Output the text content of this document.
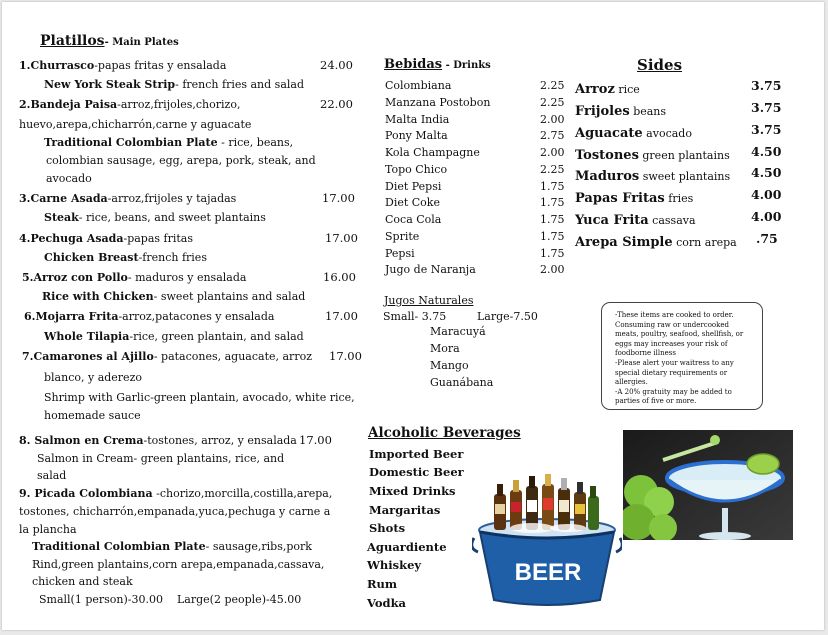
Platillos- Main Plates
1.Churrasco-papas fritas y ensalada	24.00
New York Steak Strip- french fries and salad
2.Bandeja Paisa-arroz,frijoles,chorizo,	22.00
huevo,arepa,chicharrón,carne y aguacate
Traditional Colombian Plate - rice, beans,
colombian sausage, egg, arepa, pork, steak, and
avocado
3.Carne Asada-arroz,frijoles y tajadas	17.00
Steak- rice, beans, and sweet plantains
4.Pechuga Asada-papas fritas	17.00
Chicken Breast-french fries
5.Arroz con Pollo- maduros y ensalada	16.00
Rice with Chicken- sweet plantains and salad
6.Mojarra Frita-arroz,patacones y ensalada	17.00
Whole Tilapia-rice, green plantain, and salad
7.Camarones al Ajillo- patacones, aguacate, arroz 17.00
blanco, y aderezo
Shrimp with Garlic-green plantain, avocado, white rice,
homemade sauce
8. Salmon en Crema-tostones, arroz, y ensalada 17.00
Salmon in Cream- green plantains, rice, and
salad
9. Picada Colombiana -chorizo,morcilla,costilla,arepa,
tostones, chicharrón,empanada,yuca,pechuga y carne a
la plancha
Traditional Colombian Plate- sausage,ribs,pork
Rind,green plantains,corn arepa,empanada,cassava,
chicken and steak
Small(1 person)-30.00    Large(2 people)-45.00
Bebidas - Drinks
Colombiana	2.25
Manzana Postobon	2.25
Malta India	2.00
Pony Malta	2.75
Kola Champagne	2.00
Topo Chico	2.25
Diet Pepsi	1.75
Diet Coke	1.75
Coca Cola	1.75
Sprite	1.75
Pepsi	1.75
Jugo de Naranja	2.00
Jugos Naturales
Small- 3.75	Large-7.50
Maracuyá
Mora
Mango
Guanábana
Sides
Arroz rice	3.75
Frijoles beans	3.75
Aguacate avocado	3.75
Tostones green plantains 4.50
Maduros sweet plantains 4.50
Papas Fritas fries	4.00
Yuca Frita cassava	4.00
Arepa Simple corn arepa .75
-These items are cooked to order. Consuming raw or undercooked meats, poultry, seafood, shellfish, or eggs may increases your risk of foodborne illness
-Please alert your waitress to any special dietary requirements or allergies.
-A 20% gratuity may be added to parties of five or more.
Alcoholic Beverages
Imported Beer
Domestic Beer
Mixed Drinks
Margaritas
Shots
Aguardiente
Whiskey
Rum
Vodka
BEER
